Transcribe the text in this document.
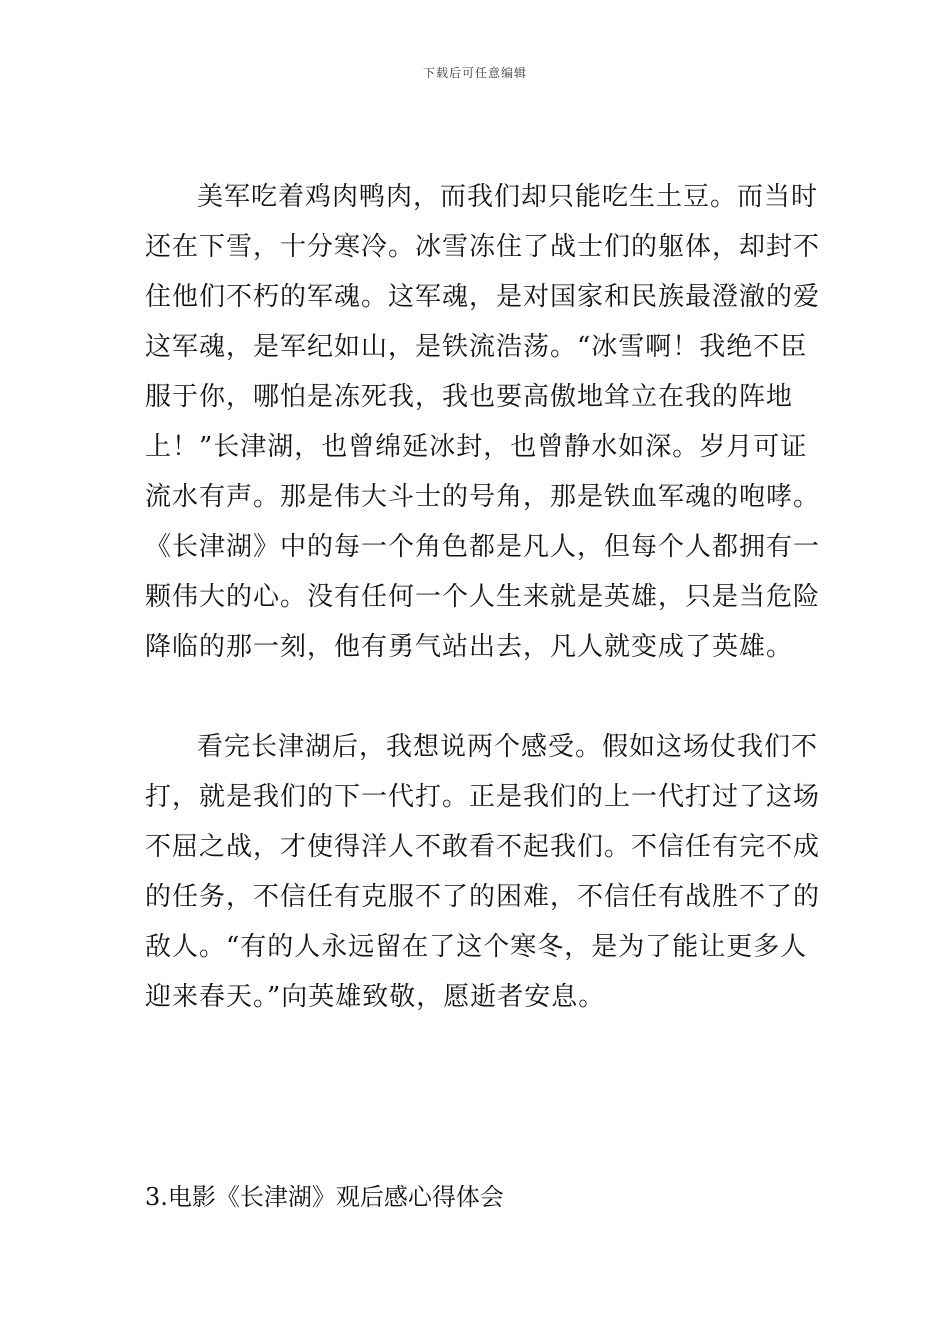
下载后可任意编辑
美军吃着鸡肉鸭肉，而我们却只能吃生土豆。而当时
还在下雪，十分寒冷。冰雪冻住了战士们的躯体，却封不
住他们不朽的军魂。这军魂，是对国家和民族最澄澈的爱
这军魂，是军纪如山，是铁流浩荡。“冰雪啊！我绝不臣
服于你，哪怕是冻死我，我也要高傲地耸立在我的阵地
上！”长津湖，也曾绵延冰封，也曾静水如深。岁月可证
流水有声。那是伟大斗士的号角，那是铁血军魂的咆哮。
《长津湖》中的每一个角色都是凡人，但每个人都拥有一
颗伟大的心。没有任何一个人生来就是英雄，只是当危险
降临的那一刻，他有勇气站出去，凡人就变成了英雄。
看完长津湖后，我想说两个感受。假如这场仗我们不
打，就是我们的下一代打。正是我们的上一代打过了这场
不屈之战，才使得洋人不敢看不起我们。不信任有完不成
的任务，不信任有克服不了的困难，不信任有战胜不了的
敌人。“有的人永远留在了这个寒冬，是为了能让更多人
迎来春天。”向英雄致敬，愿逝者安息。
3.电影《长津湖》观后感心得体会
